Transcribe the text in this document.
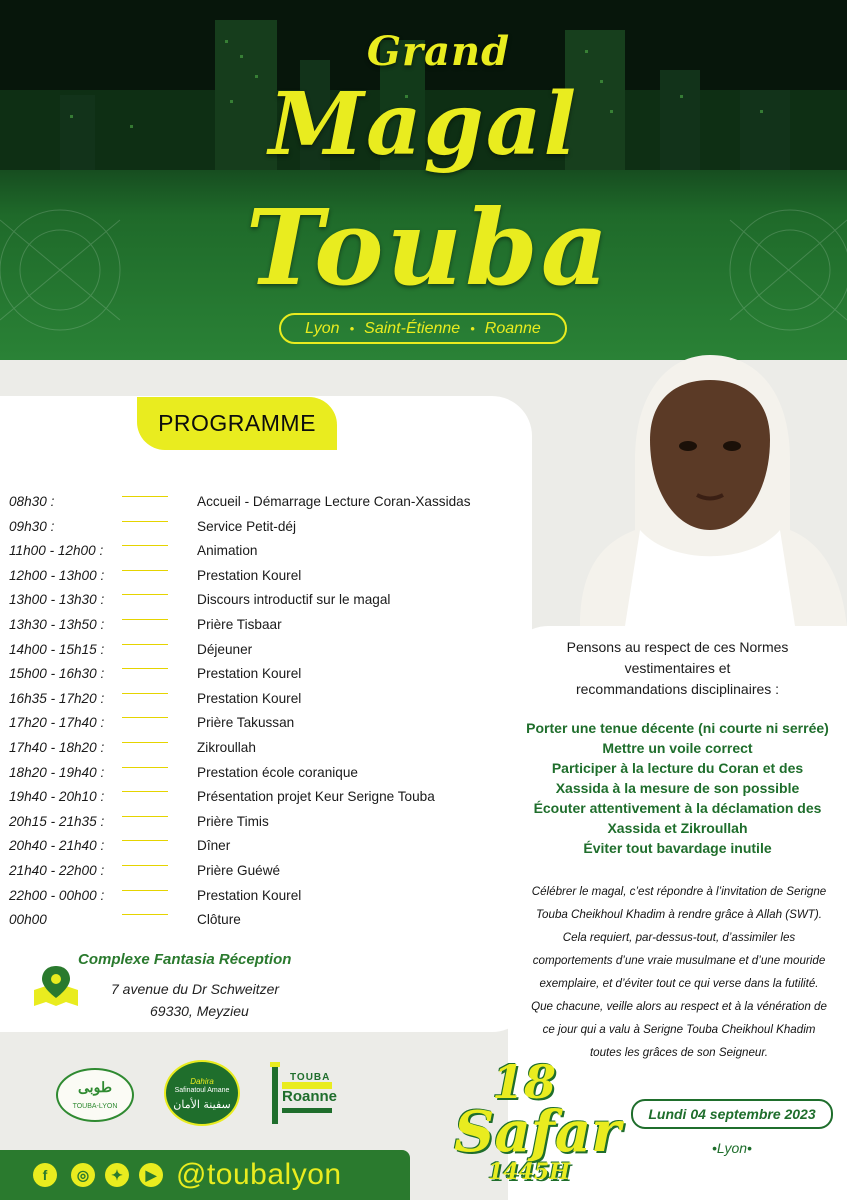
Grand
Magal
Touba
Lyon • Saint-Étienne • Roanne
PROGRAMME
08h30 :	Accueil - Démarrage Lecture Coran-Xassidas
09h30 :	Service Petit-déj
11h00 - 12h00 :	Animation
12h00 - 13h00 :	Prestation Kourel
13h00 - 13h30 :	Discours introductif sur le magal
13h30 - 13h50 :	Prière Tisbaar
14h00 - 15h15 :	Déjeuner
15h00 - 16h30 :	Prestation Kourel
16h35 - 17h20 :	Prestation Kourel
17h20 - 17h40 :	Prière Takussan
17h40 - 18h20 :	Zikroullah
18h20 - 19h40 :	Prestation école coranique
19h40 - 20h10 :	Présentation projet Keur Serigne Touba
20h15 - 21h35 :	Prière Timis
20h40 - 21h40 :	Dîner
21h40 - 22h00 :	Prière Guéwé
22h00 - 00h00 :	Prestation Kourel
00h00	Clôture
Complexe Fantasia Réception
7 avenue du Dr Schweitzer
69330, Meyzieu
طوبى
TOUBA-LYON
Dahira
Safinatoul Amane
سفينة الأمان
TOUBA
Roanne
f	◎	✦	▶ @toubalyon
Pensons au respect de ces Normes
vestimentaires et
recommandations disciplinaires :
Porter une tenue décente (ni courte ni serrée)
Mettre un voile correct
Participer à la lecture du Coran et des
Xassida à la mesure de son possible
Écouter attentivement à la déclamation des
Xassida et Zikroullah
Éviter tout bavardage inutile
Célébrer le magal, c’est répondre à l’invitation de Serigne
Touba Cheikhoul Khadim à rendre grâce à Allah (SWT).
Cela requiert, par-dessus-tout, d’assimiler les
comportements d’une vraie musulmane et d’une mouride
exemplaire, et d’éviter tout ce qui verse dans la futilité.
Que chacune, veille alors au respect et à la vénération de
ce jour qui a valu à Serigne Touba Cheikhoul Khadim
toutes les grâces de son Seigneur.
18
Safar
1445H
Lundi 04 septembre 2023
•Lyon•
